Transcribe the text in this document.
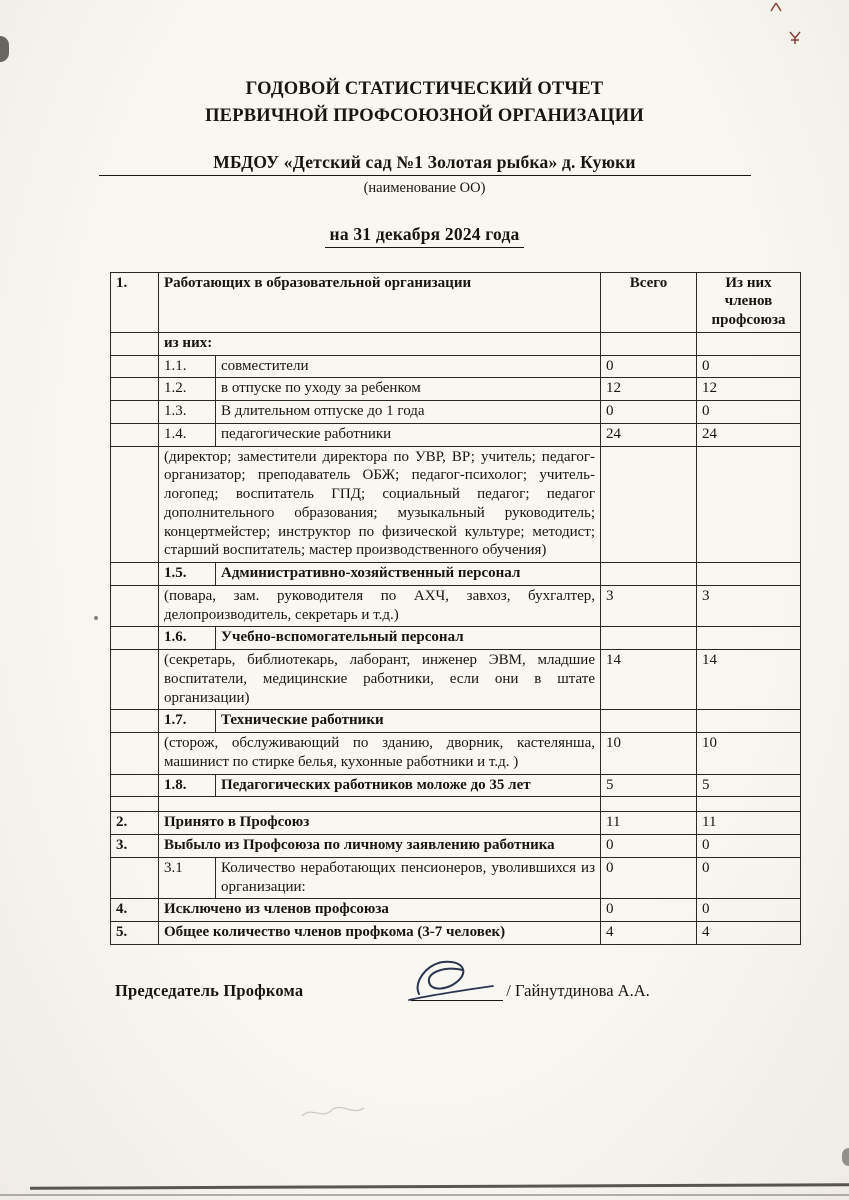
ГОДОВОЙ СТАТИСТИЧЕСКИЙ ОТЧЕТ
ПЕРВИЧНОЙ ПРОФСОЮЗНОЙ ОРГАНИЗАЦИИ
МБДОУ «Детский сад №1 Золотая рыбка» д. Куюки
(наименование ОО)
на 31 декабря 2024 года
1.	Работающих в образовательной организации		Всего	Из них членов профсоюза
	из них:			
	1.1.	совместители	0	0
	1.2.	в отпуске по уходу за ребенком	12	12
	1.3.	В длительном отпуске до 1 года	0	0
	1.4.	педагогические работники	24	24
	(директор; заместители директора по УВР, ВР; учитель; педагог-организатор; преподаватель ОБЖ; педагог-психолог; учитель-логопед; воспитатель ГПД; социальный педагог; педагог дополнительного образования; музыкальный руководитель; концертмейстер; инструктор по физической культуре; методист; старший воспитатель; мастер производственного обучения)			
	1.5.	Административно-хозяйственный персонал		
	(повара, зам. руководителя по АХЧ, завхоз, бухгалтер, делопроизводитель, секретарь и т.д.)		3	3
	1.6.	Учебно-вспомогательный персонал		
	(секретарь, библиотекарь, лаборант, инженер ЭВМ, младшие воспитатели, медицинские работники, если они в штате организации)		14	14
	1.7.	Технические работники		
	(сторож, обслуживающий по зданию, дворник, кастелянша, машинист по стирке белья, кухонные работники и т.д. )		10	10
	1.8.	Педагогических работников моложе до 35 лет	5	5

2.	Принято в Профсоюз		11	11
3.	Выбыло из Профсоюза по личному заявлению работника		0	0
	3.1	Количество неработающих пенсионеров, уволившихся из организации:	0	0
4.	Исключено из членов профсоюза		0	0
5.	Общее количество членов профкома (3-7 человек)		4	4
Председатель Профкома	/ Гайнутдинова А.А.
